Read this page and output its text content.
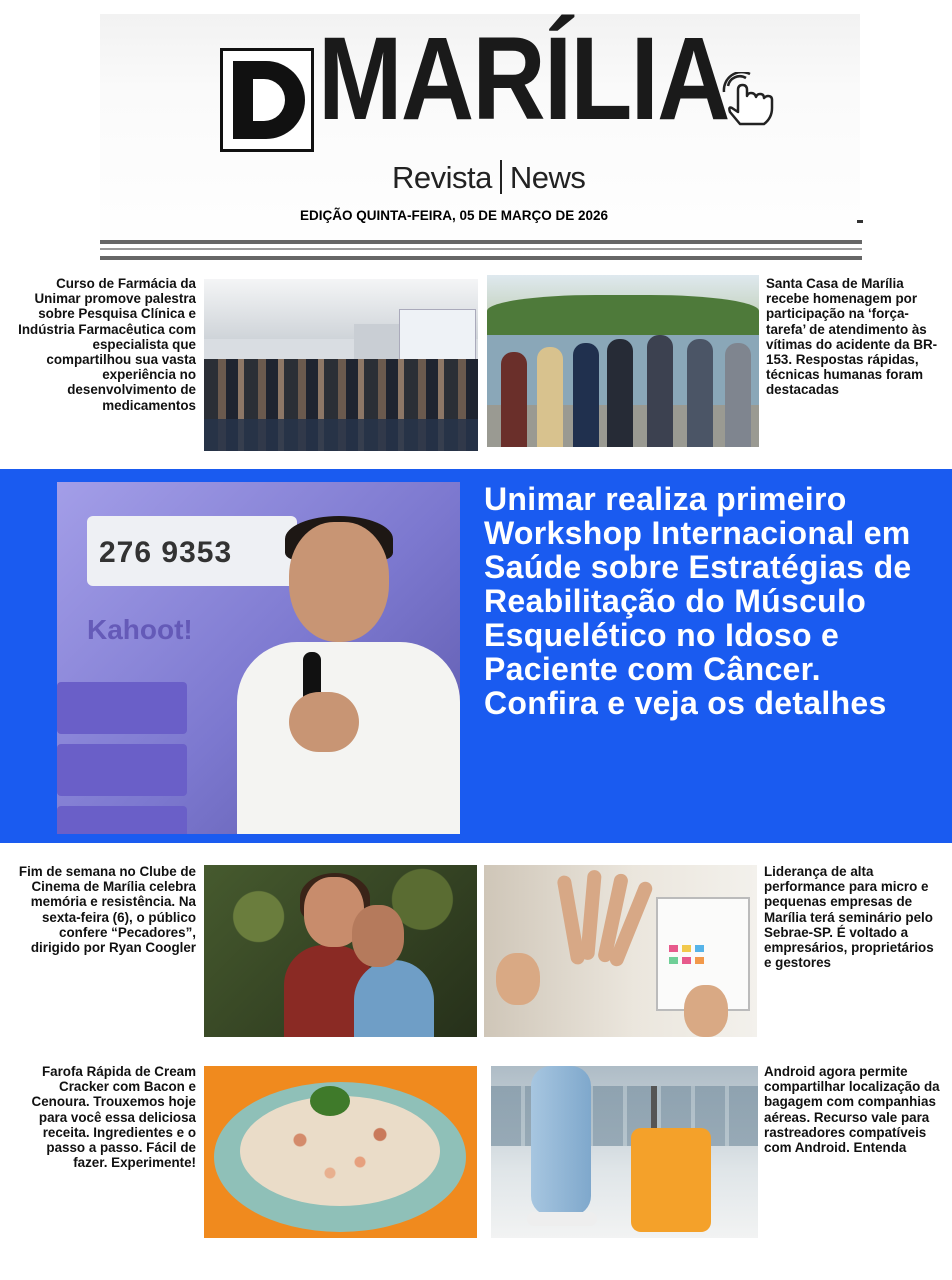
MARÍLIA
Revista News
EDIÇÃO QUINTA-FEIRA, 05 DE MARÇO DE 2026
Curso de Farmácia da Unimar promove palestra sobre Pesquisa Clínica e Indústria Farmacêutica com especialista que compartilhou sua vasta experiência no desenvolvimento de medicamentos
Santa Casa de Marília recebe homenagem por participação na ‘força-tarefa’ de atendimento às vítimas do acidente da BR-153. Respostas rápidas, técnicas humanas foram destacadas
276 9353
Kahoot!
Unimar realiza primeiro Workshop Internacional em Saúde sobre Estratégias de Reabilitação do Músculo Esquelético no Idoso e Paciente com Câncer. Confira e veja os detalhes
Fim de semana no Clube de Cinema de Marília celebra memória e resistência. Na sexta-feira (6), o público confere “Pecadores”, dirigido por Ryan Coogler
Liderança de alta performance para micro e pequenas empresas de Marília terá seminário pelo Sebrae-SP. É voltado a empresários, proprietários e gestores
Farofa Rápida de Cream Cracker com Bacon e Cenoura. Trouxemos hoje para você essa deliciosa receita. Ingredientes e o passo a passo. Fácil de fazer. Experimente!
Android agora permite compartilhar localização da bagagem com companhias aéreas. Recurso vale para rastreadores compatíveis com Android. Entenda
